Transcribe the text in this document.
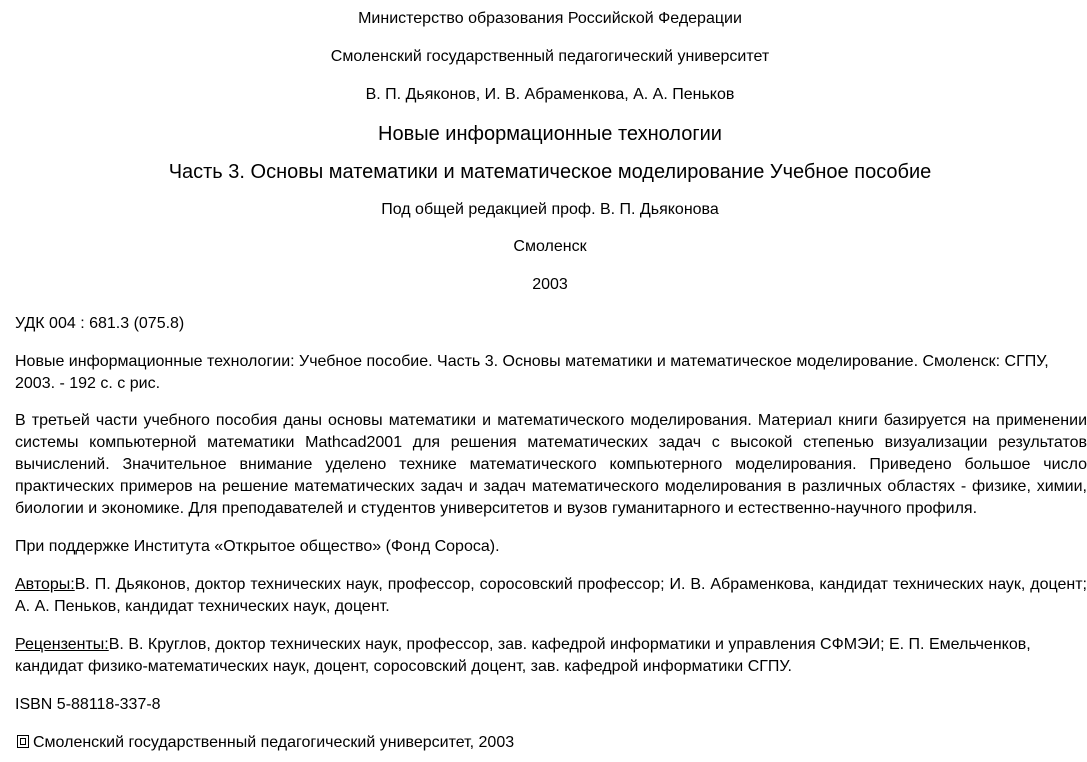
Министерство образования Российской Федерации
Смоленский государственный педагогический университет
В. П. Дьяконов, И. В. Абраменкова, А. А. Пеньков
Новые информационные технологии
Часть 3. Основы математики и математическое моделирование Учебное пособие
Под общей редакцией проф. В. П. Дьяконова
Смоленск
2003

УДК 004 : 681.3 (075.8)

Новые информационные технологии: Учебное пособие. Часть 3. Основы математики и математическое моделирование. Смоленск: СГПУ, 2003. - 192 с. с рис.

В третьей части учебного пособия даны основы математики и математического моделирования. Материал книги базируется на применении системы компьютерной математики Mathcad2001 для решения математических задач с высокой степенью визуализации результатов вычислений. Значительное внимание уделено технике математического компьютерного моделирования. Приведено большое число практических примеров на решение математических задач и задач математического моделирования в различных областях - физике, химии, биологии и экономике. Для преподавателей и студентов университетов и вузов гуманитарного и естественно-научного профиля.

При поддержке Института «Открытое общество» (Фонд Сороса).

Авторы:В. П. Дьяконов, доктор технических наук, профессор, соросовский профессор; И. В. Абраменкова, кандидат технических наук, доцент; А. А. Пеньков, кандидат технических наук, доцент.

Рецензенты:В. В. Круглов, доктор технических наук, профессор, зав. кафедрой информатики и управления СФМЭИ; Е. П. Емельченков, кандидат физико-математических наук, доцент, соросовский доцент, зав. кафедрой информатики СГПУ.

ISBN 5-88118-337-8

Смоленский государственный педагогический университет, 2003
